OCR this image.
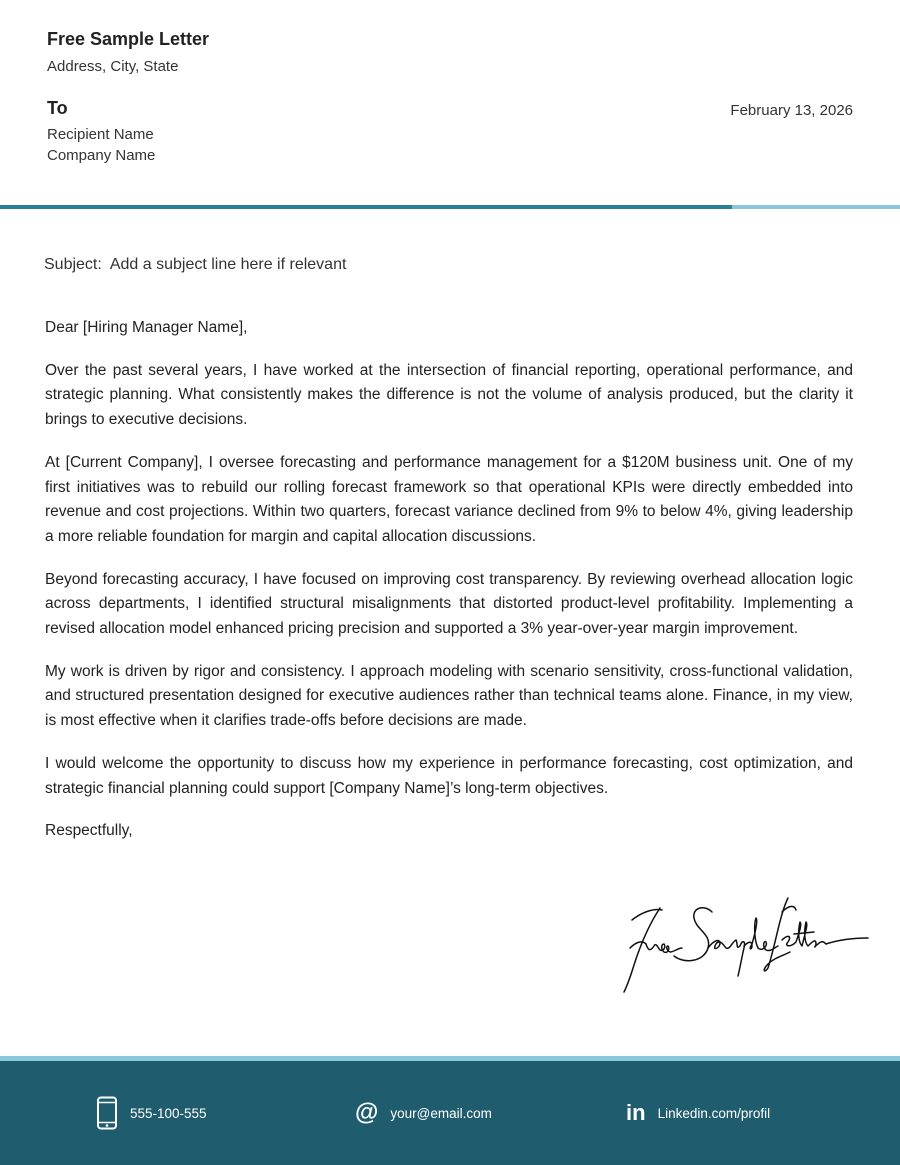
Free Sample Letter
Address, City, State
To
Recipient Name
Company Name
February 13, 2026
Subject: Add a subject line here if relevant

Dear [Hiring Manager Name],

Over the past several years, I have worked at the intersection of financial reporting, operational performance, and strategic planning. What consistently makes the difference is not the volume of analysis produced, but the clarity it brings to executive decisions.

At [Current Company], I oversee forecasting and performance management for a $120M business unit. One of my first initiatives was to rebuild our rolling forecast framework so that operational KPIs were directly embedded into revenue and cost projections. Within two quarters, forecast variance declined from 9% to below 4%, giving leadership a more reliable foundation for margin and capital allocation discussions.

Beyond forecasting accuracy, I have focused on improving cost transparency. By reviewing overhead allocation logic across departments, I identified structural misalignments that distorted product-level profitability. Implementing a revised allocation model enhanced pricing precision and supported a 3% year-over-year margin improvement.

My work is driven by rigor and consistency. I approach modeling with scenario sensitivity, cross-functional validation, and structured presentation designed for executive audiences rather than technical teams alone. Finance, in my view, is most effective when it clarifies trade-offs before decisions are made.

I would welcome the opportunity to discuss how my experience in performance forecasting, cost optimization, and strategic financial planning could support [Company Name]’s long-term objectives.

Respectfully,

555-100-555	@ your@email.com	in Linkedin.com/profil
